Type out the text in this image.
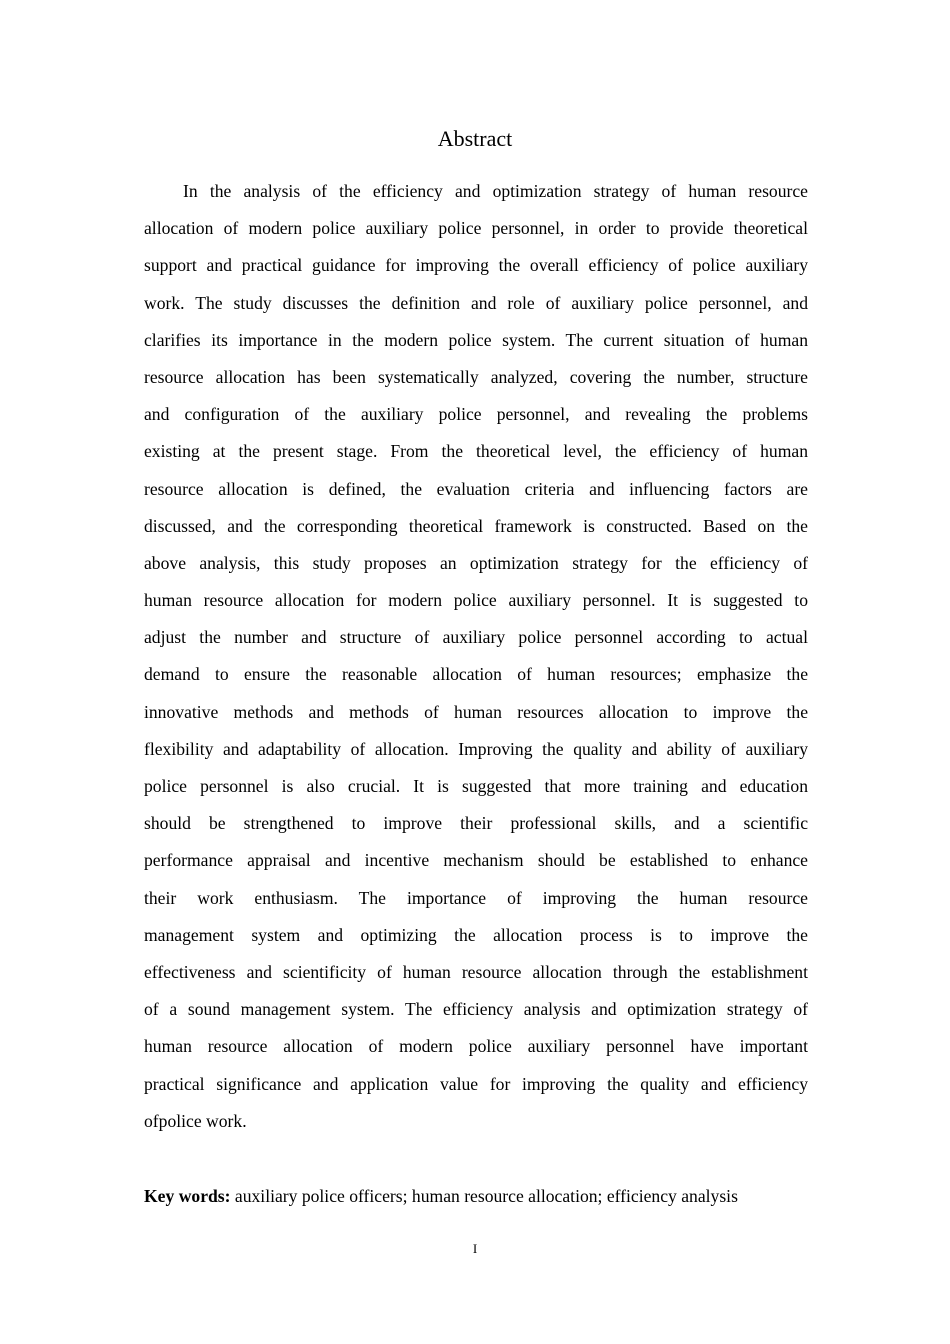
Abstract
In the analysis of the efficiency and optimization strategy of human resource
allocation of modern police auxiliary police personnel, in order to provide theoretical
support and practical guidance for improving the overall efficiency of police auxiliary
work. The study discusses the definition and role of auxiliary police personnel, and
clarifies its importance in the modern police system. The current situation of human
resource allocation has been systematically analyzed, covering the number, structure
and configuration of the auxiliary police personnel, and revealing the problems
existing at the present stage. From the theoretical level, the efficiency of human
resource allocation is defined, the evaluation criteria and influencing factors are
discussed, and the corresponding theoretical framework is constructed. Based on the
above analysis, this study proposes an optimization strategy for the efficiency of
human resource allocation for modern police auxiliary personnel. It is suggested to
adjust the number and structure of auxiliary police personnel according to actual
demand to ensure the reasonable allocation of human resources; emphasize the
innovative methods and methods of human resources allocation to improve the
flexibility and adaptability of allocation. Improving the quality and ability of auxiliary
police personnel is also crucial. It is suggested that more training and education
should be strengthened to improve their professional skills, and a scientific
performance appraisal and incentive mechanism should be established to enhance
their work enthusiasm. The importance of improving the human resource
management system and optimizing the allocation process is to improve the
effectiveness and scientificity of human resource allocation through the establishment
of a sound management system. The efficiency analysis and optimization strategy of
human resource allocation of modern police auxiliary personnel have important
practical significance and application value for improving the quality and efficiency
ofpolice work.
Key words: auxiliary police officers; human resource allocation; efficiency analysis
I
